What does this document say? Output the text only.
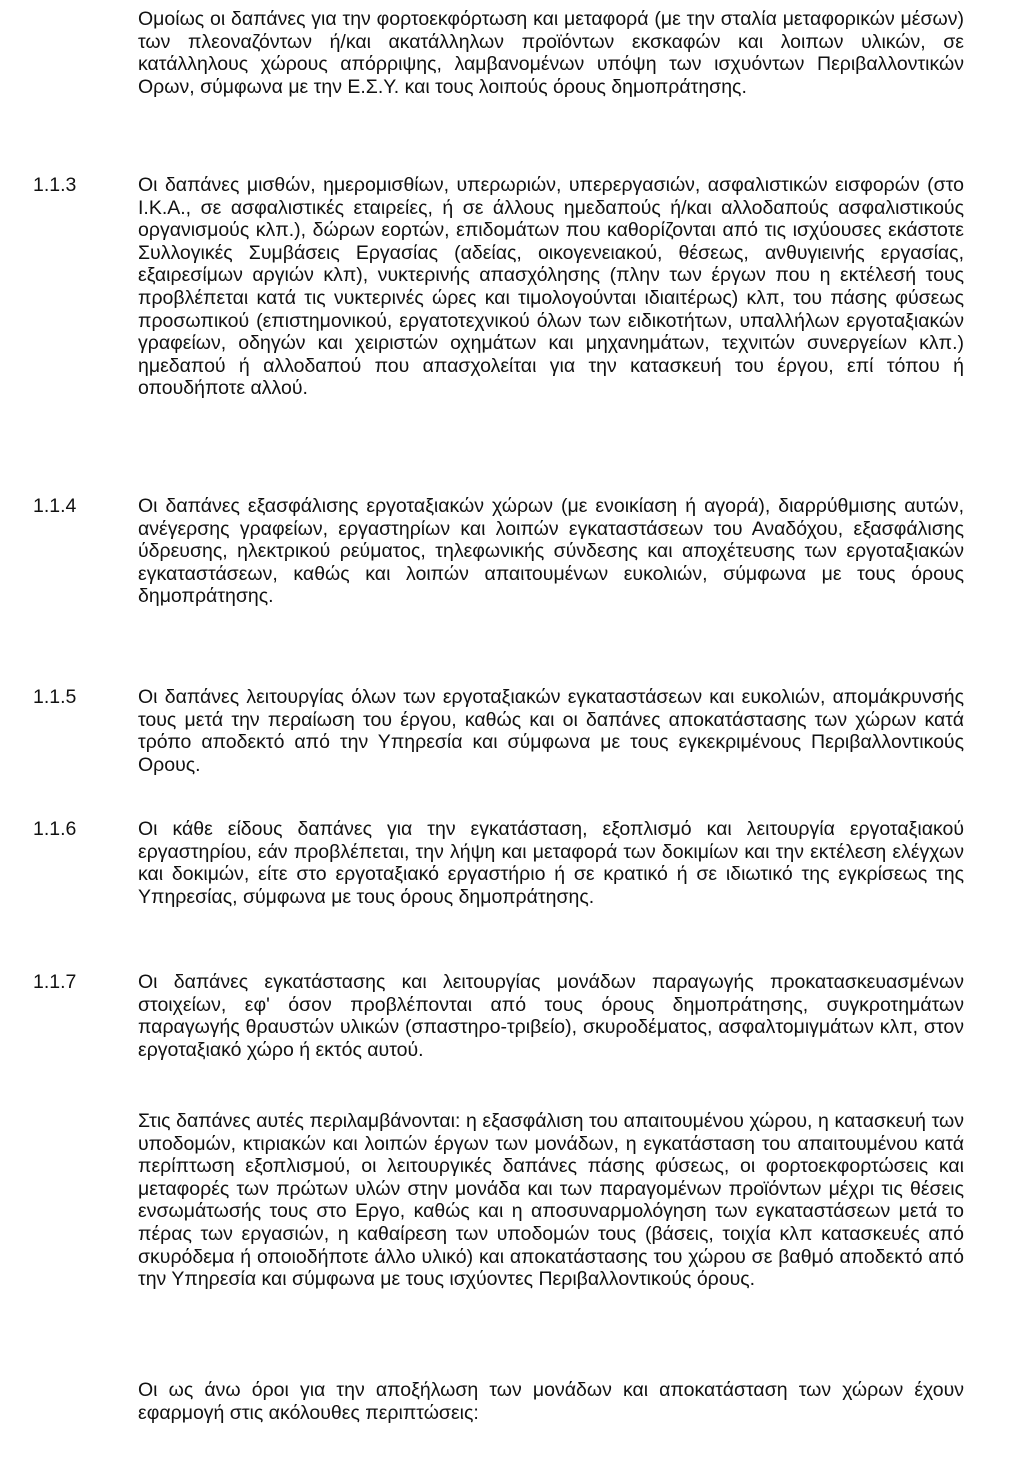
Ομοίως οι δαπάνες για την φορτοεκφόρτωση και μεταφορά (με την σταλία μεταφορικών μέσων) των πλεοναζόντων ή/και ακατάλληλων προϊόντων εκσκαφών και λοιπων υλικών, σε κατάλληλους χώρους απόρριψης, λαμβανομένων υπόψη των ισχυόντων Περιβαλλοντικών Ορων, σύμφωνα με την Ε.Σ.Υ. και τους λοιπούς όρους δημοπράτησης.

1.1.3	Οι δαπάνες μισθών, ημερομισθίων, υπερωριών, υπερεργασιών, ασφαλιστικών εισφορών (στο Ι.Κ.Α., σε ασφαλιστικές εταιρείες, ή σε άλλους ημεδαπούς ή/και αλλοδαπούς ασφαλιστικούς οργανισμούς κλπ.), δώρων εορτών, επιδομάτων που καθορίζονται από τις ισχύουσες εκάστοτε Συλλογικές Συμβάσεις Εργασίας (αδείας, οικογενειακού, θέσεως, ανθυγιεινής εργασίας, εξαιρεσίμων αργιών κλπ), νυκτερινής απασχόλησης (πλην των έργων που η εκτέλεσή τους προβλέπεται κατά τις νυκτερινές ώρες και τιμολογούνται ιδιαιτέρως) κλπ, του πάσης φύσεως προσωπικού (επιστημονικού, εργατοτεχνικού όλων των ειδικοτήτων, υπαλλήλων εργοταξιακών γραφείων, οδηγών και χειριστών οχημάτων και μηχανημάτων, τεχνιτών συνεργείων κλπ.) ημεδαπού ή αλλοδαπού που απασχολείται για την κατασκευή του έργου, επί τόπου ή οπουδήποτε αλλού.

1.1.4	Οι δαπάνες εξασφάλισης εργοταξιακών χώρων (με ενοικίαση ή αγορά), διαρρύθμισης αυτών, ανέγερσης γραφείων, εργαστηρίων και λοιπών εγκαταστάσεων του Αναδόχου, εξασφάλισης ύδρευσης, ηλεκτρικού ρεύματος, τηλεφωνικής σύνδεσης και αποχέτευσης των εργοταξιακών εγκαταστάσεων, καθώς και λοιπών απαιτουμένων ευκολιών, σύμφωνα με τους όρους δημοπράτησης.

1.1.5	Οι δαπάνες λειτουργίας όλων των εργοταξιακών εγκαταστάσεων και ευκολιών, απομάκρυνσής τους μετά την περαίωση του έργου, καθώς και οι δαπάνες αποκατάστασης των χώρων κατά τρόπο αποδεκτό από την Υπηρεσία και σύμφωνα με τους εγκεκριμένους Περιβαλλοντικούς Ορους.

1.1.6	Οι κάθε είδους δαπάνες για την εγκατάσταση, εξοπλισμό και λειτουργία εργοταξιακού εργαστηρίου, εάν προβλέπεται, την λήψη και μεταφορά των δοκιμίων και την εκτέλεση ελέγχων και δοκιμών, είτε στο εργοταξιακό εργαστήριο ή σε κρατικό ή σε ιδιωτικό της εγκρίσεως της Υπηρεσίας, σύμφωνα με τους όρους δημοπράτησης.

1.1.7	Οι δαπάνες εγκατάστασης και λειτουργίας μονάδων παραγωγής προκατασκευασμένων στοιχείων, εφ' όσον προβλέπονται από τους όρους δημοπράτησης, συγκροτημάτων παραγωγής θραυστών υλικών (σπαστηρο-τριβείο), σκυροδέματος, ασφαλτομιγμάτων κλπ, στον εργοταξιακό χώρο ή εκτός αυτού.

Στις δαπάνες αυτές περιλαμβάνονται: η εξασφάλιση του απαιτουμένου χώρου, η κατασκευή των υποδομών, κτιριακών και λοιπών έργων των μονάδων, η εγκατάσταση του απαιτουμένου κατά περίπτωση εξοπλισμού, οι λειτουργικές δαπάνες πάσης φύσεως, οι φορτοεκφορτώσεις και μεταφορές των πρώτων υλών στην μονάδα και των παραγομένων προϊόντων μέχρι τις θέσεις ενσωμάτωσής τους στο Εργο, καθώς και η αποσυναρμολόγηση των εγκαταστάσεων μετά το πέρας των εργασιών, η καθαίρεση των υποδομών τους (βάσεις, τοιχία κλπ κατασκευές από σκυρόδεμα ή οποιοδήποτε άλλο υλικό) και αποκατάστασης του χώρου σε βαθμό αποδεκτό από την Υπηρεσία και σύμφωνα με τους ισχύοντες Περιβαλλοντικούς όρους.

Οι ως άνω όροι για την αποξήλωση των μονάδων και αποκατάσταση των χώρων έχουν εφαρμογή στις ακόλουθες περιπτώσεις:
